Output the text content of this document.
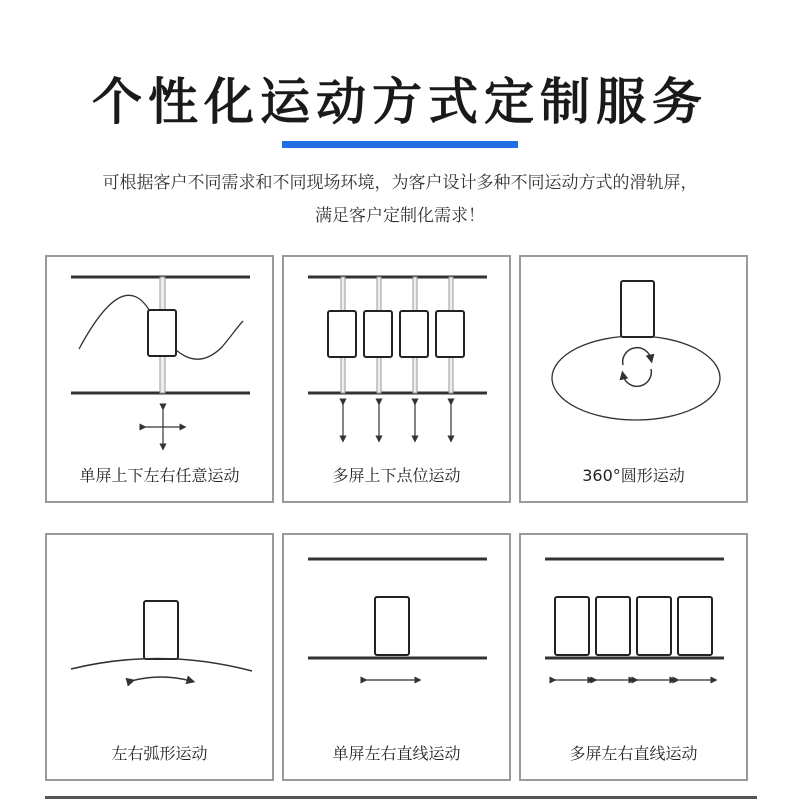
个性化运动方式定制服务
可根据客户不同需求和不同现场环境，为客户设计多种不同运动方式的滑轨屏，
满足客户定制化需求！
单屏上下左右任意运动	多屏上下点位运动	360°圆形运动
左右弧形运动	单屏左右直线运动	多屏左右直线运动
